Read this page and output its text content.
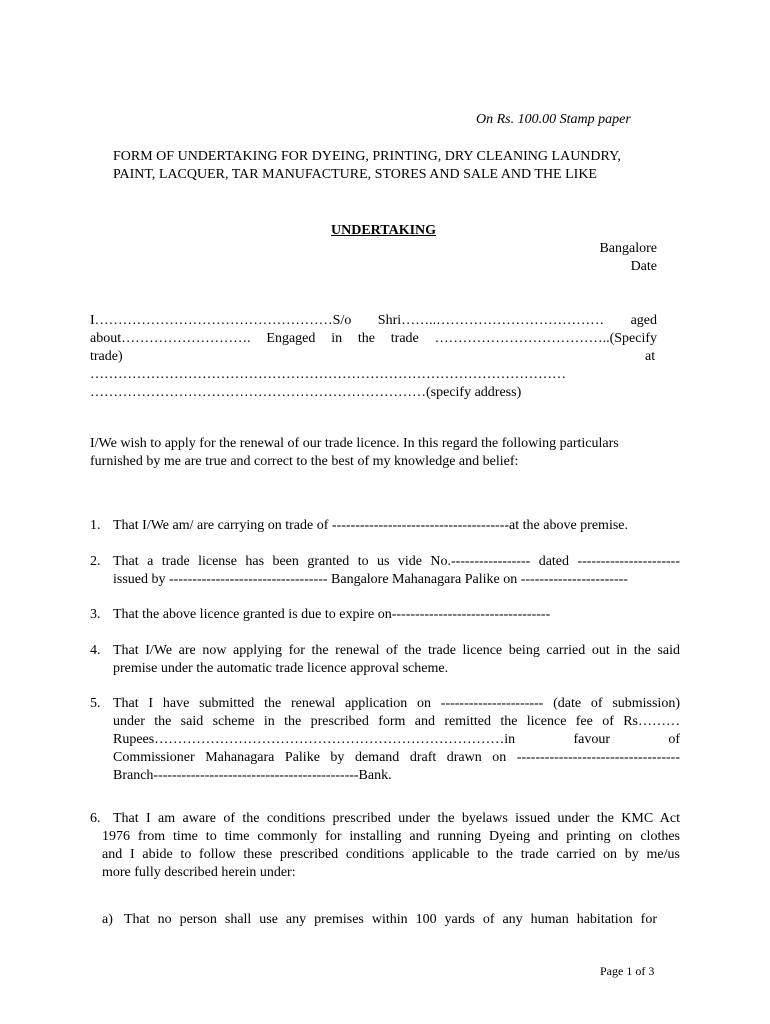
On Rs. 100.00 Stamp paper
FORM OF UNDERTAKING FOR DYEING, PRINTING, DRY CLEANING LAUNDRY,
PAINT, LACQUER, TAR MANUFACTURE, STORES AND SALE AND THE LIKE
UNDERTAKING
Bangalore
Date
I……………………………………………S/o Shri……..……………………………… aged
about………………………. Engaged in the trade ………………………………..(Specify
trade)	at
…………………………………………………………………………………………
………………………………………………………………(specify address)
I/We wish to apply for the renewal of our trade licence. In this regard the following particulars
furnished by me are true and correct to the best of my knowledge and belief:
1. That I/We am/ are carrying on trade of --------------------------------------at the above premise.
2. That a trade license has been granted to us vide No.----------------- dated ----------------------
issued by ---------------------------------- Bangalore Mahanagara Palike on -----------------------
3. That the above licence granted is due to expire on----------------------------------
4. That I/We are now applying for the renewal of the trade licence being carried out in the said
premise under the automatic trade licence approval scheme.
5. That I have submitted the renewal application on ---------------------- (date of submission)
under the said scheme in the prescribed form and remitted the licence fee of Rs………
Rupees…………………………………………………………………in favour of
Commissioner Mahanagara Palike by demand draft drawn on -----------------------------------
Branch--------------------------------------------Bank.
6. That I am aware of the conditions prescribed under the byelaws issued under the KMC Act
1976 from time to time commonly for installing and running Dyeing and printing on clothes
and I abide to follow these prescribed conditions applicable to the trade carried on by me/us
more fully described herein under:
a) That no person shall use any premises within 100 yards of any human habitation for
Page 1 of 3
